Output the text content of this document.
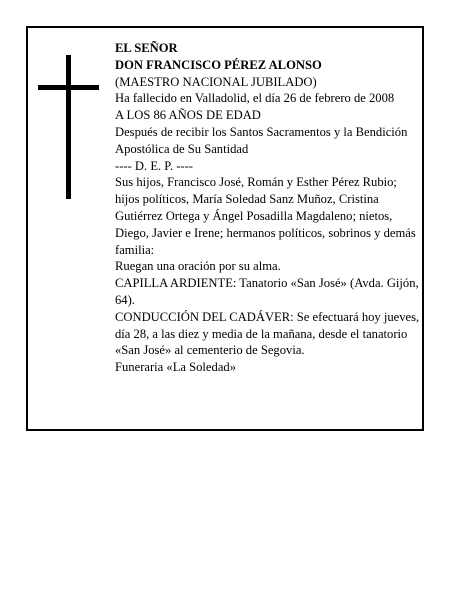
EL SEÑOR

DON FRANCISCO PÉREZ ALONSO

(MAESTRO NACIONAL JUBILADO)

Ha fallecido en Valladolid, el día 26 de febrero de 2008

A LOS 86 AÑOS DE EDAD

Después de recibir los Santos Sacramentos y la Bendición Apostólica de Su Santidad

---- D. E. P. ----

Sus hijos, Francisco José, Román y Esther Pérez Rubio; hijos políticos, María Soledad Sanz Muñoz, Cristina Gutiérrez Ortega y Ángel Posadilla Magdaleno; nietos, Diego, Javier e Irene; hermanos políticos, sobrinos y demás familia:

Ruegan una oración por su alma.

CAPILLA ARDIENTE: Tanatorio «San José» (Avda. Gijón, 64).

CONDUCCIÓN DEL CADÁVER: Se efectuará hoy jueves, día 28, a las diez y media de la mañana, desde el tanatorio «San José» al cementerio de Segovia.

Funeraria «La Soledad»
